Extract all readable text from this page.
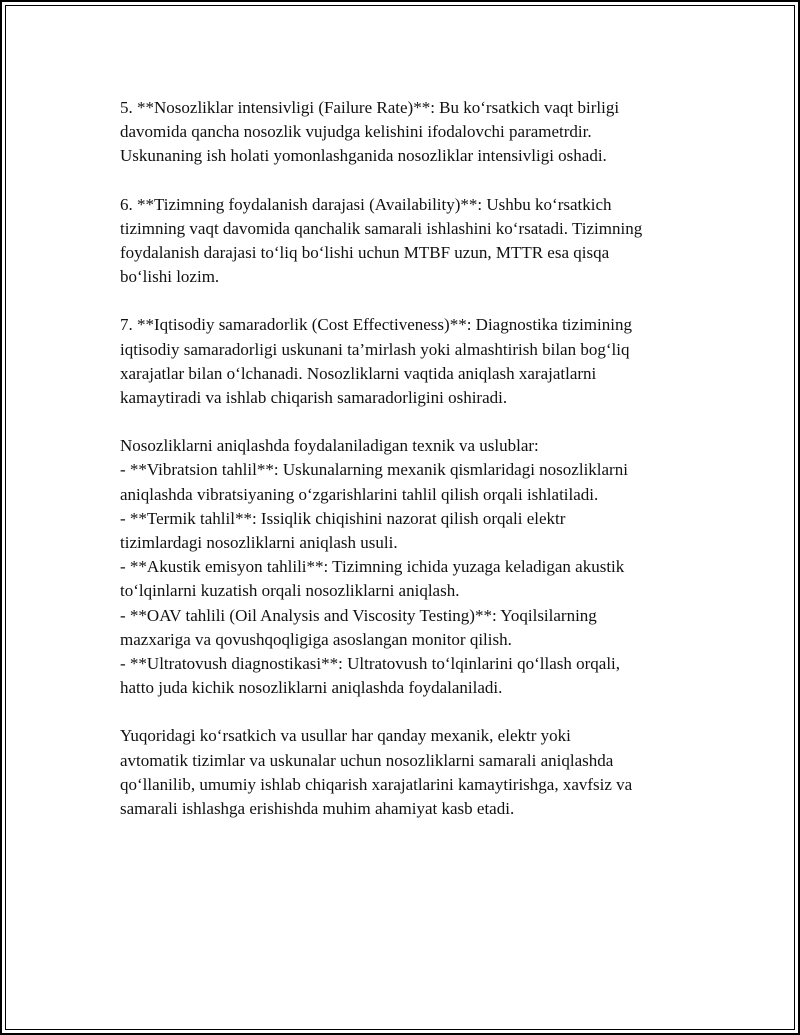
5. **Nosozliklar intensivligi (Failure Rate)**: Bu ko‘rsatkich vaqt birligi
davomida qancha nosozlik vujudga kelishini ifodalovchi parametrdir.
Uskunaning ish holati yomonlashganida nosozliklar intensivligi oshadi.

6. **Tizimning foydalanish darajasi (Availability)**: Ushbu ko‘rsatkich
tizimning vaqt davomida qanchalik samarali ishlashini ko‘rsatadi. Tizimning
foydalanish darajasi to‘liq bo‘lishi uchun MTBF uzun, MTTR esa qisqa
bo‘lishi lozim.

7. **Iqtisodiy samaradorlik (Cost Effectiveness)**: Diagnostika tizimining
iqtisodiy samaradorligi uskunani ta’mirlash yoki almashtirish bilan bog‘liq
xarajatlar bilan o‘lchanadi. Nosozliklarni vaqtida aniqlash xarajatlarni
kamaytiradi va ishlab chiqarish samaradorligini oshiradi.

Nosozliklarni aniqlashda foydalaniladigan texnik va uslublar:
- **Vibratsion tahlil**: Uskunalarning mexanik qismlaridagi nosozliklarni
aniqlashda vibratsiyaning o‘zgarishlarini tahlil qilish orqali ishlatiladi.
- **Termik tahlil**: Issiqlik chiqishini nazorat qilish orqali elektr
tizimlardagi nosozliklarni aniqlash usuli.
- **Akustik emisyon tahlili**: Tizimning ichida yuzaga keladigan akustik
to‘lqinlarni kuzatish orqali nosozliklarni aniqlash.
- **OAV tahlili (Oil Analysis and Viscosity Testing)**: Yoqilsilarning
mazxariga va qovushqoqligiga asoslangan monitor qilish.
- **Ultratovush diagnostikasi**: Ultratovush to‘lqinlarini qo‘llash orqali,
hatto juda kichik nosozliklarni aniqlashda foydalaniladi.

Yuqoridagi ko‘rsatkich va usullar har qanday mexanik, elektr yoki
avtomatik tizimlar va uskunalar uchun nosozliklarni samarali aniqlashda
qo‘llanilib, umumiy ishlab chiqarish xarajatlarini kamaytirishga, xavfsiz va
samarali ishlashga erishishda muhim ahamiyat kasb etadi.
